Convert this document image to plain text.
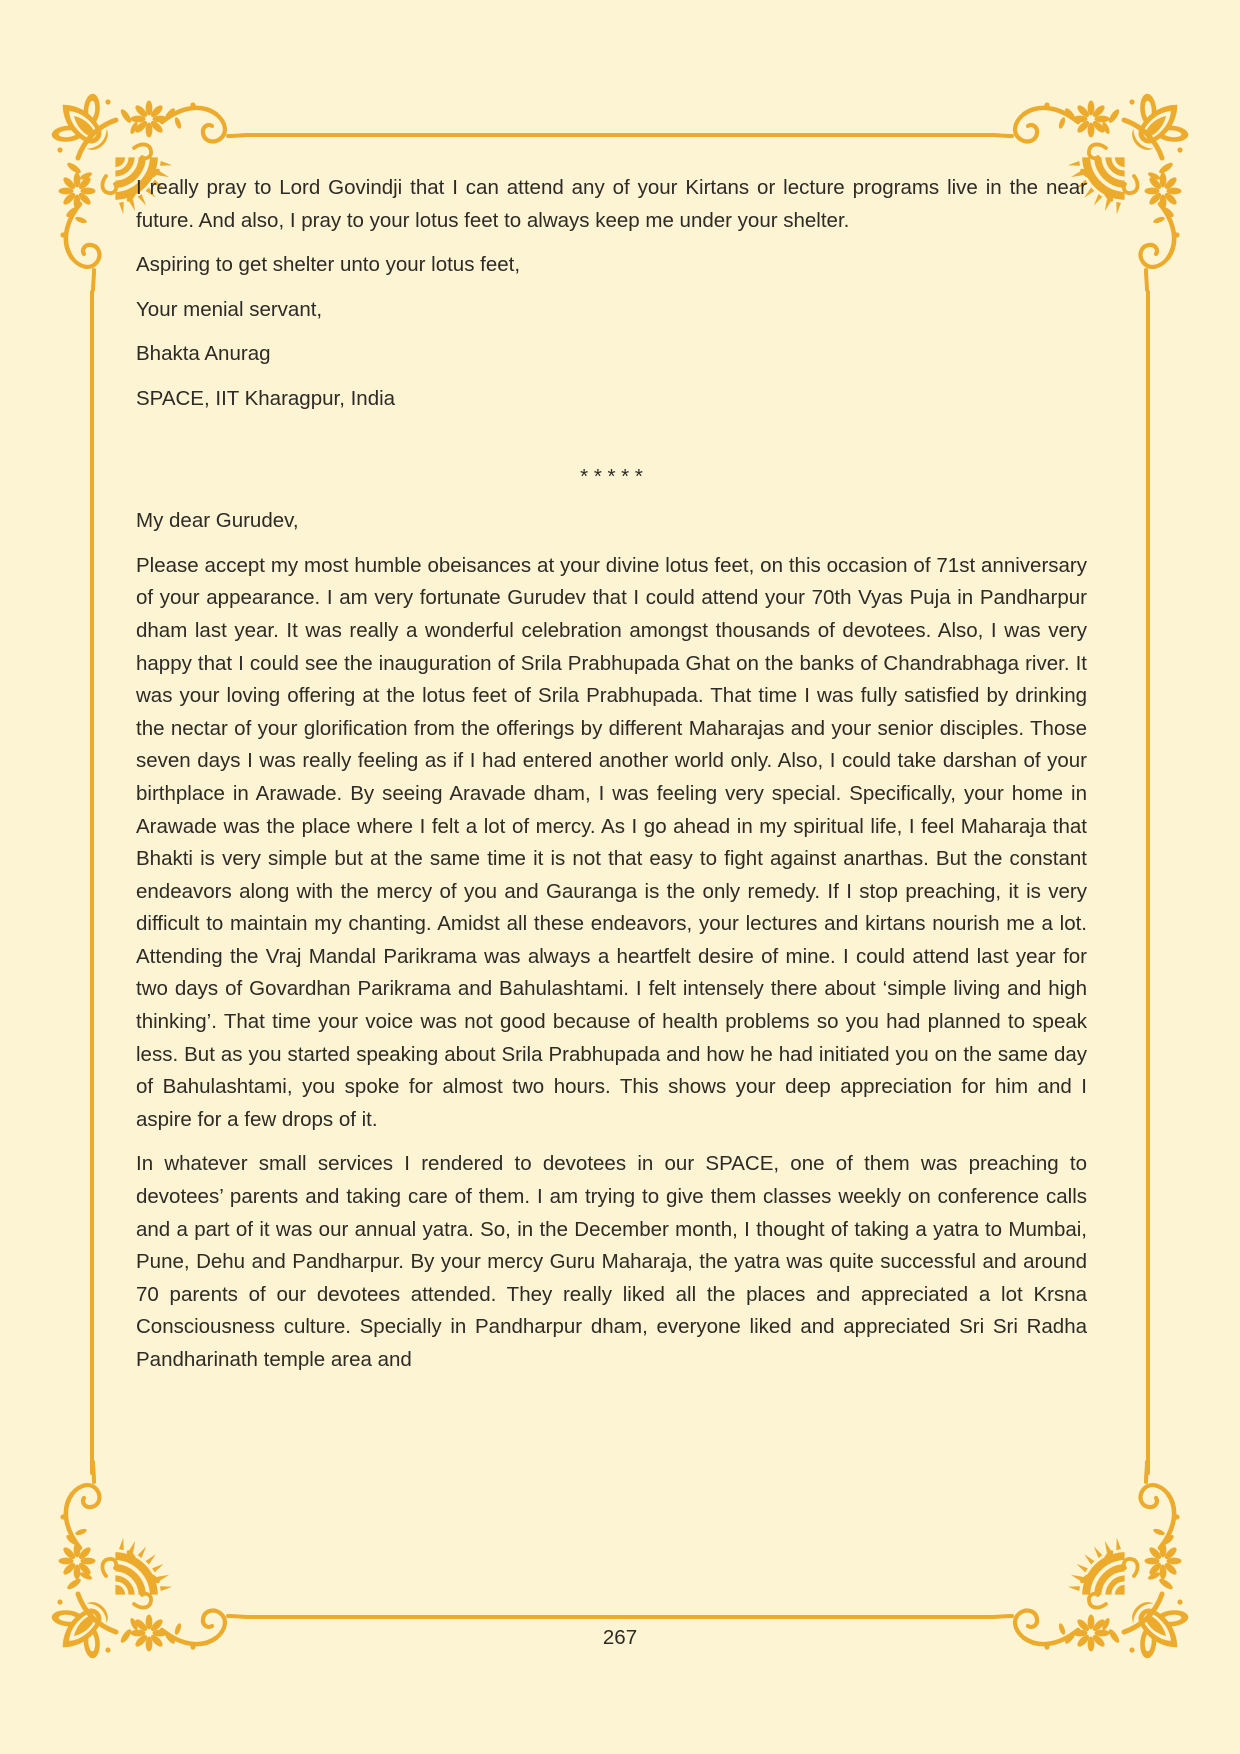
I really pray to Lord Govindji that I can attend any of your Kirtans or lecture programs live in the near future. And also, I pray to your lotus feet to always keep me under your shelter.

Aspiring to get shelter unto your lotus feet,

Your menial servant,

Bhakta Anurag

SPACE, IIT Kharagpur, India

* * * * *

My dear Gurudev,

Please accept my most humble obeisances at your divine lotus feet, on this occasion of 71st anniversary of your appearance. I am very fortunate Gurudev that I could attend your 70th Vyas Puja in Pandharpur dham last year. It was really a wonderful celebration amongst thousands of devotees. Also, I was very happy that I could see the inauguration of Srila Prabhupada Ghat on the banks of Chandrabhaga river. It was your loving offering at the lotus feet of Srila Prabhupada. That time I was fully satisfied by drinking the nectar of your glorification from the offerings by different Maharajas and your senior disciples. Those seven days I was really feeling as if I had entered another world only. Also, I could take darshan of your birthplace in Arawade. By seeing Aravade dham, I was feeling very special. Specifically, your home in Arawade was the place where I felt a lot of mercy. As I go ahead in my spiritual life, I feel Maharaja that Bhakti is very simple but at the same time it is not that easy to fight against anarthas. But the constant endeavors along with the mercy of you and Gauranga is the only remedy. If I stop preaching, it is very difficult to maintain my chanting. Amidst all these endeavors, your lectures and kirtans nourish me a lot. Attending the Vraj Mandal Parikrama was always a heartfelt desire of mine. I could attend last year for two days of Govardhan Parikrama and Bahulashtami. I felt intensely there about ‘simple living and high thinking’. That time your voice was not good because of health problems so you had planned to speak less. But as you started speaking about Srila Prabhupada and how he had initiated you on the same day of Bahulashtami, you spoke for almost two hours. This shows your deep appreciation for him and I aspire for a few drops of it.

In whatever small services I rendered to devotees in our SPACE, one of them was preaching to devotees’ parents and taking care of them. I am trying to give them classes weekly on conference calls and a part of it was our annual yatra. So, in the December month, I thought of taking a yatra to Mumbai, Pune, Dehu and Pandharpur. By your mercy Guru Maharaja, the yatra was quite successful and around 70 parents of our devotees attended. They really liked all the places and appreciated a lot Krsna Consciousness culture. Specially in Pandharpur dham, everyone liked and appreciated Sri Sri Radha Pandharinath temple area and

267
